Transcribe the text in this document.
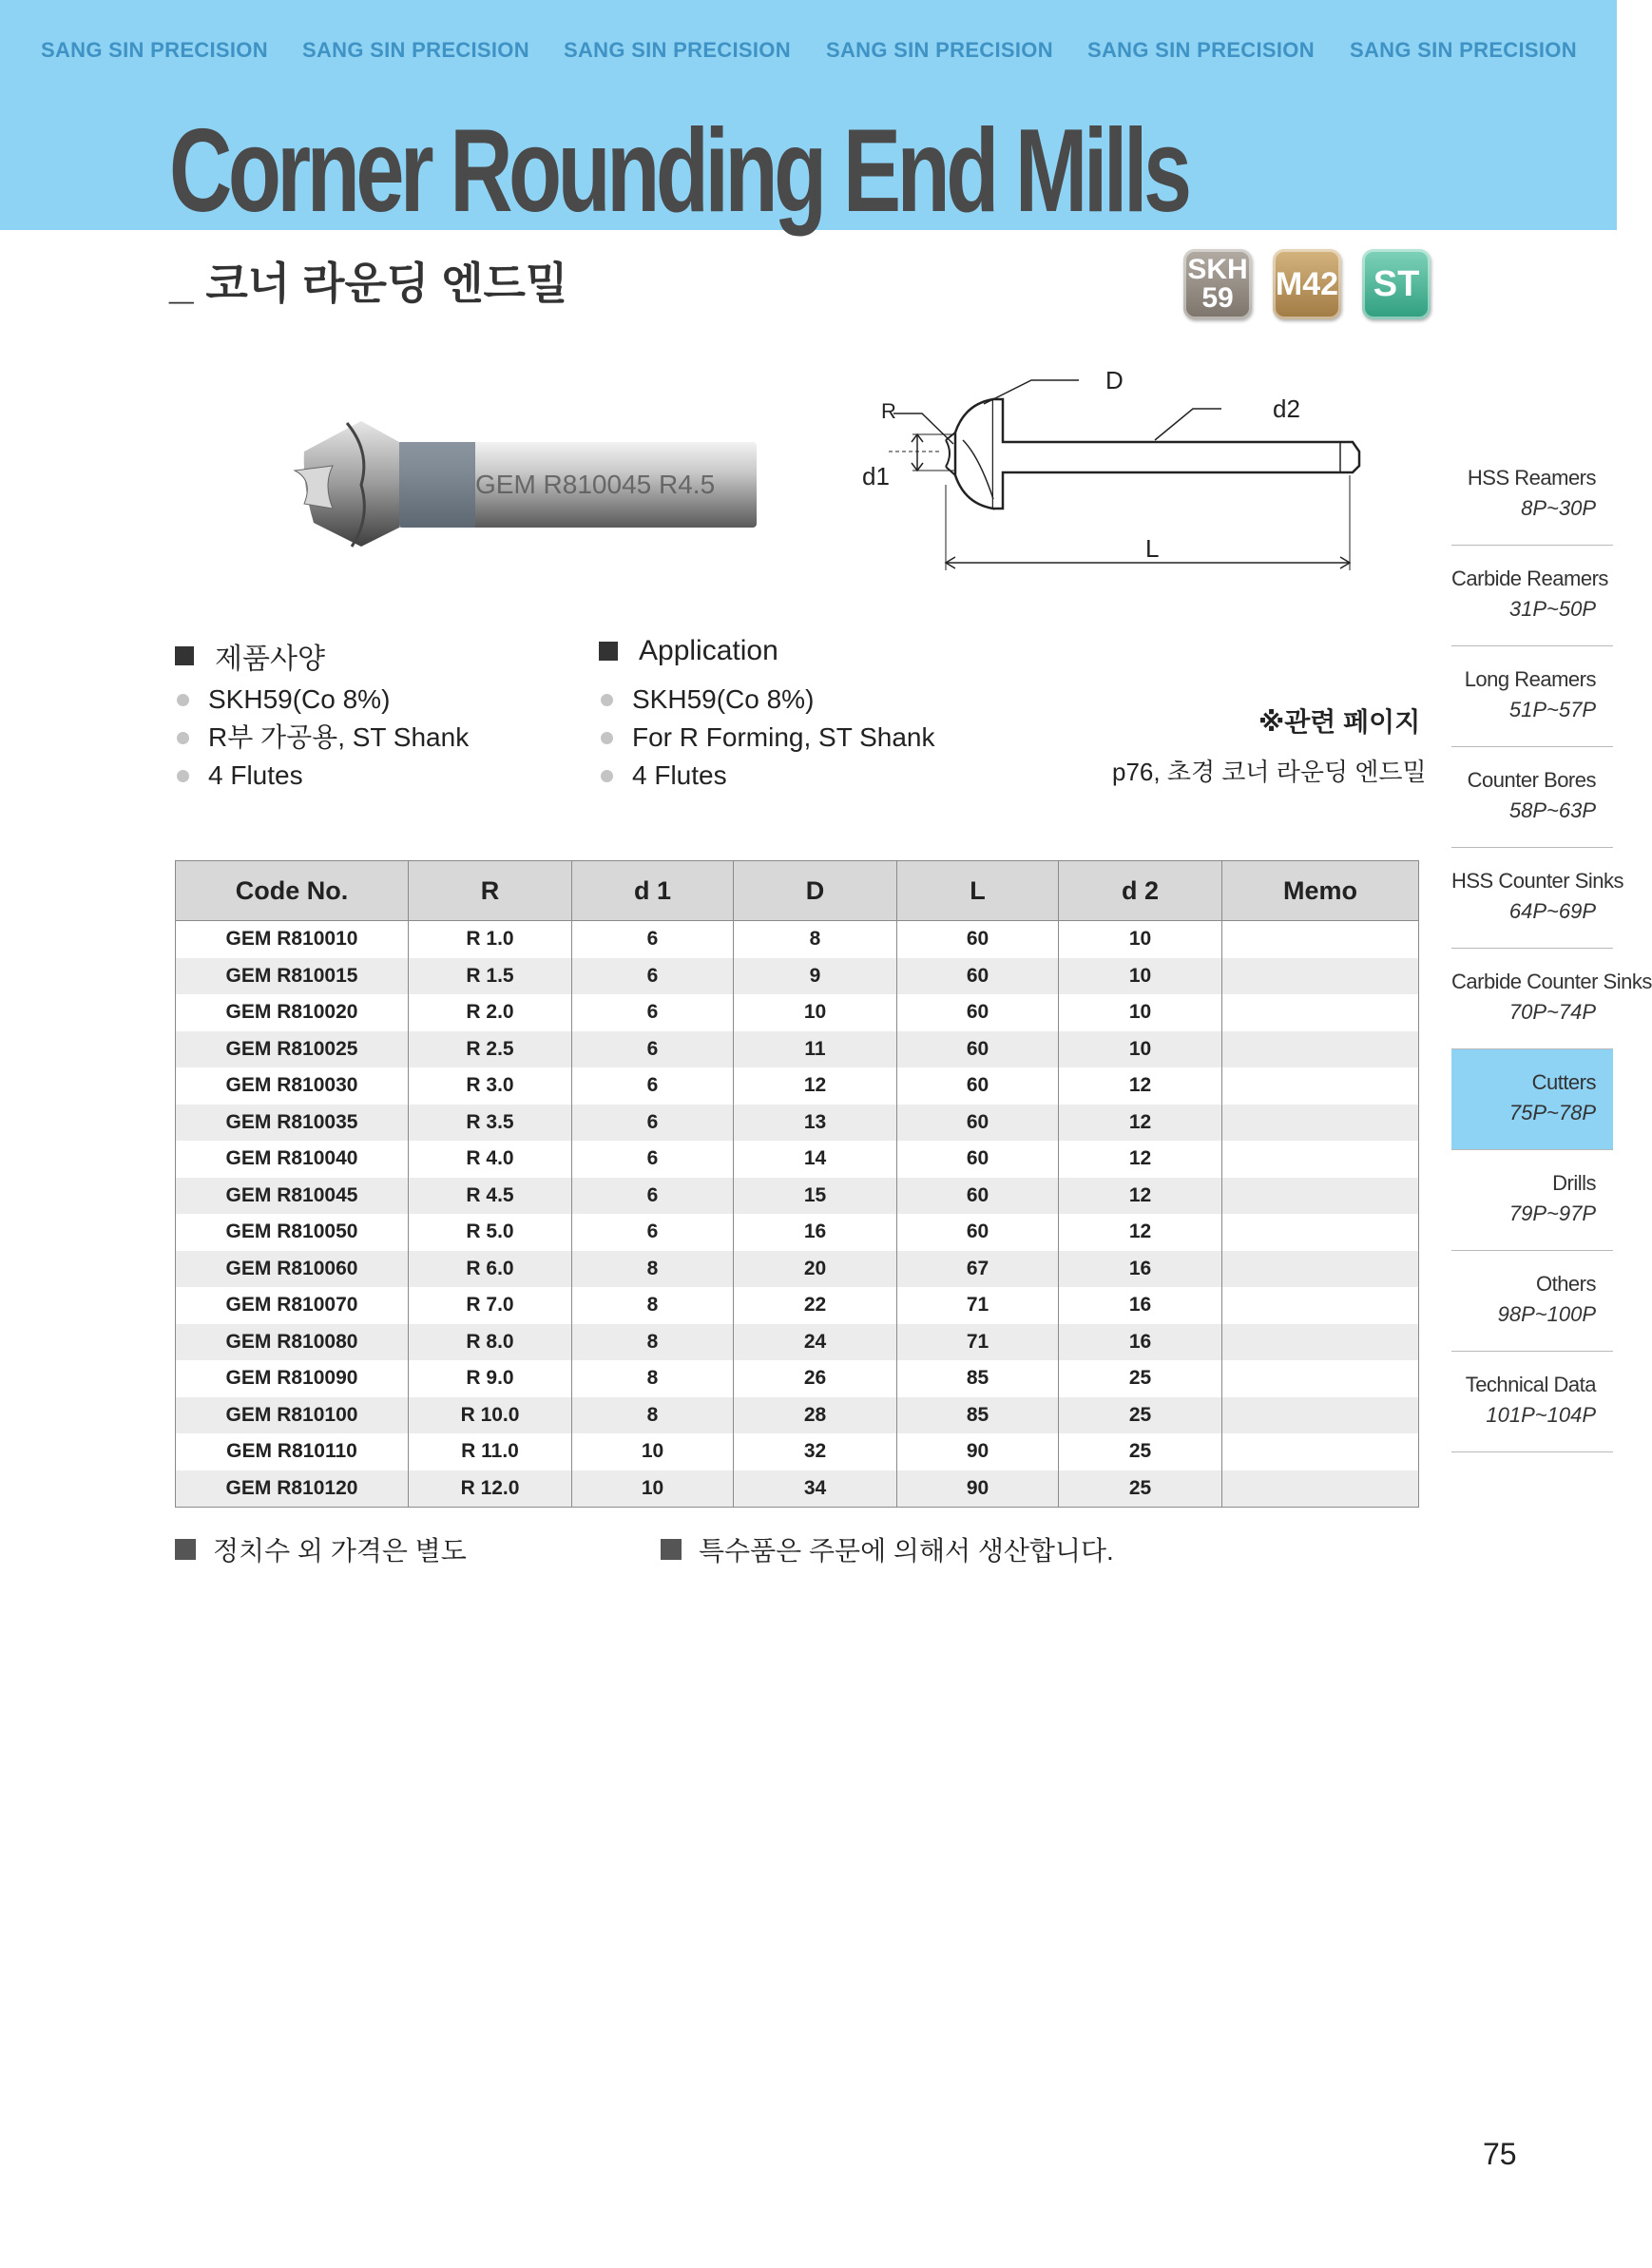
SANG SIN PRECISION SANG SIN PRECISION SANG SIN PRECISION SANG SIN PRECISION SANG SIN PRECISION SANG SIN PRECISION
Corner Rounding End Mills
_ 코너 라운딩 엔드밀	SKH
59	M42 ST
GEM R810045 R4.5
R
D
d2
d1
L
제품사양
SKH59(Co 8%)
R부 가공용, ST Shank
4 Flutes
Application
SKH59(Co 8%)
For R Forming, ST Shank
4 Flutes
※관련 페이지
p76, 초경 코너 라운딩 엔드밀
Code No.	R	d 1	D	L	d 2	Memo
GEM R810010	R 1.0	6	8	60	10	
GEM R810015	R 1.5	6	9	60	10	
GEM R810020	R 2.0	6	10	60	10	
GEM R810025	R 2.5	6	11	60	10	
GEM R810030	R 3.0	6	12	60	12	
GEM R810035	R 3.5	6	13	60	12	
GEM R810040	R 4.0	6	14	60	12	
GEM R810045	R 4.5	6	15	60	12	
GEM R810050	R 5.0	6	16	60	12	
GEM R810060	R 6.0	8	20	67	16	
GEM R810070	R 7.0	8	22	71	16	
GEM R810080	R 8.0	8	24	71	16	
GEM R810090	R 9.0	8	26	85	25	
GEM R810100	R 10.0	8	28	85	25	
GEM R810110	R 11.0	10	32	90	25	
GEM R810120	R 12.0	10	34	90	25	
정치수 외 가격은 별도	특수품은 주문에 의해서 생산합니다.
HSS Reamers
8P~30P
Carbide Reamers
31P~50P
Long Reamers
51P~57P
Counter Bores
58P~63P
HSS Counter Sinks
64P~69P
Carbide Counter Sinks
70P~74P
Cutters
75P~78P
Drills
79P~97P
Others
98P~100P
Technical Data
101P~104P
75
